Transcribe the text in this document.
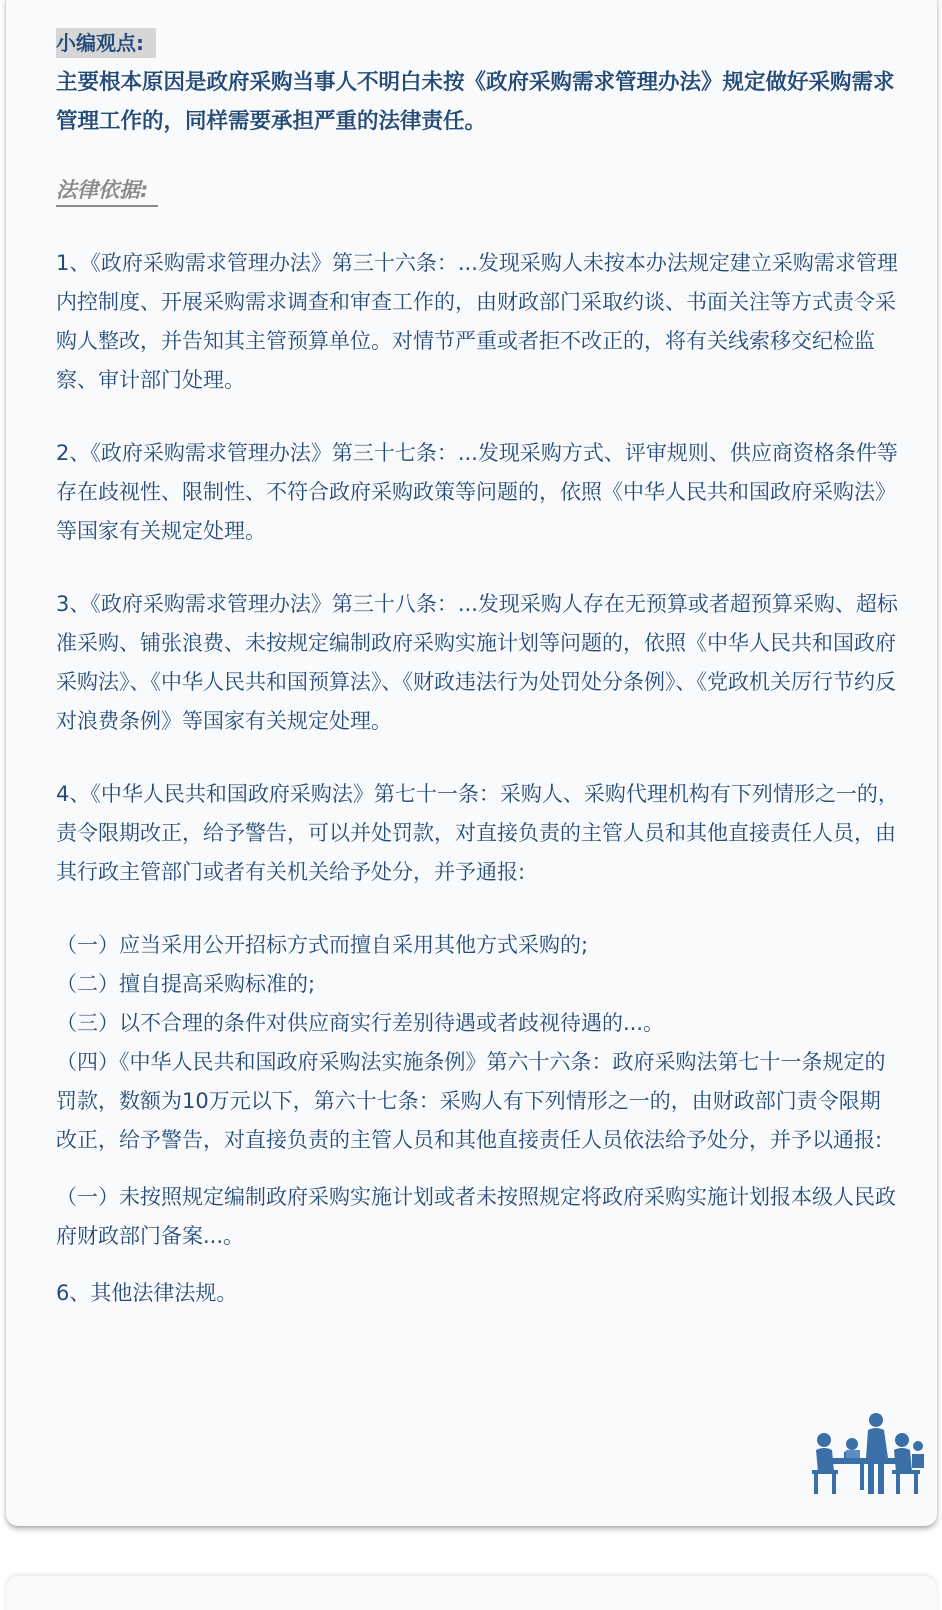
小编观点:

主要根本原因是政府采购当事人不明白未按《政府采购需求管理办法》规定做好采购需求管理工作的，同样需要承担严重的法律责任。

法律依据:

1、《政府采购需求管理办法》第三十六条：...发现采购人未按本办法规定建立采购需求管理内控制度、开展采购需求调查和审查工作的，由财政部门采取约谈、书面关注等方式责令采购人整改，并告知其主管预算单位。对情节严重或者拒不改正的，将有关线索移交纪检监察、审计部门处理。

2、《政府采购需求管理办法》第三十七条：...发现采购方式、评审规则、供应商资格条件等存在歧视性、限制性、不符合政府采购政策等问题的，依照《中华人民共和国政府采购法》等国家有关规定处理。

3、《政府采购需求管理办法》第三十八条：...发现采购人存在无预算或者超预算采购、超标准采购、铺张浪费、未按规定编制政府采购实施计划等问题的，依照《中华人民共和国政府采购法》、《中华人民共和国预算法》、《财政违法行为处罚处分条例》、《党政机关厉行节约反对浪费条例》等国家有关规定处理。

4、《中华人民共和国政府采购法》第七十一条：采购人、采购代理机构有下列情形之一的，责令限期改正，给予警告，可以并处罚款，对直接负责的主管人员和其他直接责任人员，由其行政主管部门或者有关机关给予处分，并予通报:

（一）应当采用公开招标方式而擅自采用其他方式采购的;

（二）擅自提高采购标准的;

（三）以不合理的条件对供应商实行差别待遇或者歧视待遇的...。

（四）《中华人民共和国政府采购法实施条例》第六十六条：政府采购法第七十一条规定的罚款，数额为10万元以下，第六十七条：采购人有下列情形之一的，由财政部门责令限期改正，给予警告，对直接负责的主管人员和其他直接责任人员依法给予处分，并予以通报:

（一）未按照规定编制政府采购实施计划或者未按照规定将政府采购实施计划报本级人民政府财政部门备案...。

6、其他法律法规。
